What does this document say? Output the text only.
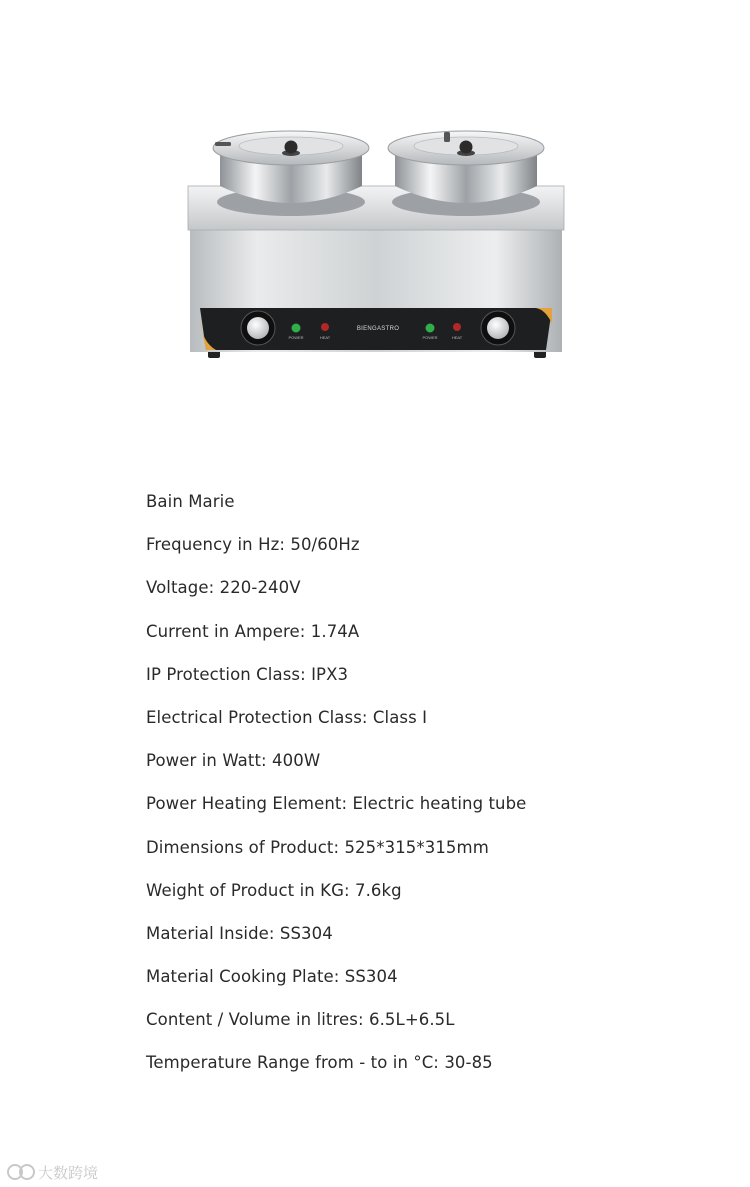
POWER	HEAT	POWER	HEAT
BIENGASTRO
Bain Marie
Frequency in Hz: 50/60Hz
Voltage: 220-240V
Current in Ampere: 1.74A
IP Protection Class: IPX3
Electrical Protection Class: Class I
Power in Watt: 400W
Power Heating Element: Electric heating tube
Dimensions of Product: 525*315*315mm
Weight of Product in KG: 7.6kg
Material Inside: SS304
Material Cooking Plate: SS304
Content / Volume in litres: 6.5L+6.5L
Temperature Range from - to in °C: 30-85
大数跨境
